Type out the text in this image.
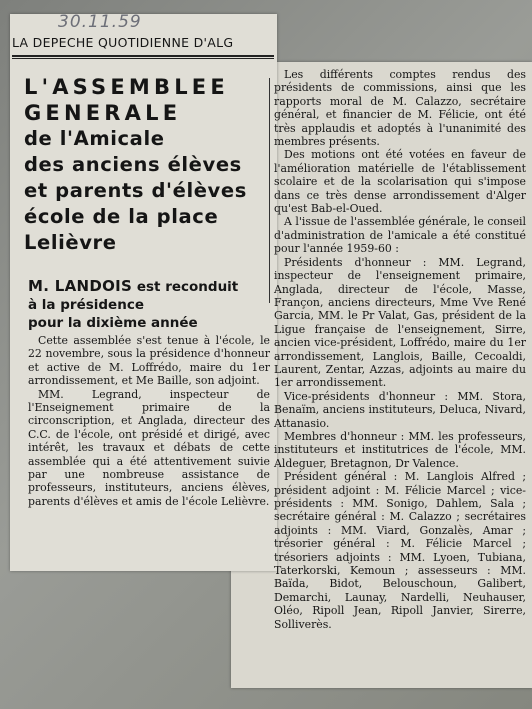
30.11.59
LA DEPECHE QUOTIDIENNE D'ALG
L'ASSEMBLEE
GENERALE
de l'Amicale
des anciens élèves
et parents d'élèves
école de la place
Lelièvre
M. LANDOIS est reconduit
à la présidence
pour la dixième année

Cette assemblée s'est tenue à l'école, le 22 novembre, sous la présidence d'honneur et active de M. Loffrédo, maire du 1er arrondissement, et Me Baille, son adjoint.

MM. Legrand, inspecteur de l'Enseignement primaire de la circonscription, et Anglada, directeur des C.C. de l'école, ont présidé et dirigé, avec intérêt, les travaux et débats de cette assemblée qui a été attentivement suivie par une nombreuse assistance de professeurs, instituteurs, anciens élèves, parents d'élèves et amis de l'école Lelièvre.

Les différents comptes rendus des présidents de commissions, ainsi que les rapports moral de M. Calazzo, secrétaire général, et financier de M. Félicie, ont été très applaudis et adoptés à l'unanimité des membres présents.

Des motions ont été votées en faveur de l'amélioration matérielle de l'établissement scolaire et de la scolarisation qui s'impose dans ce très dense arrondissement d'Alger qu'est Bab-el-Oued.

A l'issue de l'assemblée générale, le conseil d'administration de l'amicale a été constitué pour l'année 1959-60 :

Présidents d'honneur : MM. Legrand, inspecteur de l'enseignement primaire, Anglada, directeur de l'école, Masse, Françon, anciens directeurs, Mme Vve René Garcia, MM. le Pr Valat, Gas, président de la Ligue française de l'enseignement, Sirre, ancien vice-président, Loffrédo, maire du 1er arrondissement, Langlois, Baille, Cecoaldi, Laurent, Zentar, Azzas, adjoints au maire du 1er arrondissement.

Vice-présidents d'honneur : MM. Stora, Benaïm, anciens instituteurs, Deluca, Nivard, Attanasio.

Membres d'honneur : MM. les professeurs, instituteurs et institutrices de l'école, MM. Aldeguer, Bretagnon, Dr Valence.

Président général : M. Langlois Alfred ; président adjoint : M. Félicie Marcel ; vice-présidents : MM. Sonigo, Dahlem, Sala ; secrétaire général : M. Calazzo ; secrétaires adjoints : MM. Viard, Gonzalès, Amar ; trésorier général : M. Félicie Marcel ; trésoriers adjoints : MM. Lyoen, Tubiana, Taterkorski, Kemoun ; assesseurs : MM. Baïda, Bidot, Belouschoun, Galibert, Demarchi, Launay, Nardelli, Neuhauser, Oléo, Ripoll Jean, Ripoll Janvier, Sirerre, Solliverès.
